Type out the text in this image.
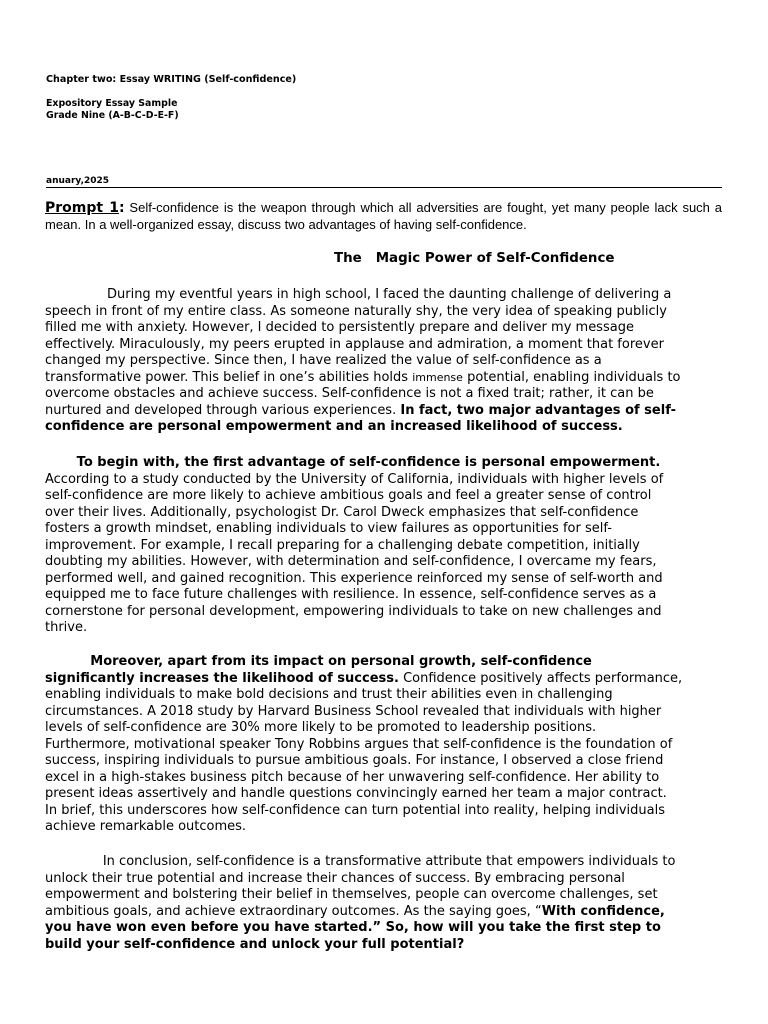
Chapter two: Essay WRITING (Self-confidence)
Expository Essay Sample
Grade Nine (A-B-C-D-E-F)
anuary,2025
Prompt 1: Self-confidence is the weapon through which all adversities are fought, yet many people lack such a mean. In a well-organized essay, discuss two advantages of having self-confidence.
The   Magic Power of Self-Confidence
During my eventful years in high school, I faced the daunting challenge of delivering a
speech in front of my entire class. As someone naturally shy, the very idea of speaking publicly
filled me with anxiety. However, I decided to persistently prepare and deliver my message
effectively. Miraculously, my peers erupted in applause and admiration, a moment that forever
changed my perspective. Since then, I have realized the value of self-confidence as a
transformative power. This belief in one’s abilities holds immense potential, enabling individuals to
overcome obstacles and achieve success. Self-confidence is not a fixed trait; rather, it can be
nurtured and developed through various experiences. In fact, two major advantages of self-
confidence are personal empowerment and an increased likelihood of success.
To begin with, the first advantage of self-confidence is personal empowerment.
According to a study conducted by the University of California, individuals with higher levels of
self-confidence are more likely to achieve ambitious goals and feel a greater sense of control
over their lives. Additionally, psychologist Dr. Carol Dweck emphasizes that self-confidence
fosters a growth mindset, enabling individuals to view failures as opportunities for self-
improvement. For example, I recall preparing for a challenging debate competition, initially
doubting my abilities. However, with determination and self-confidence, I overcame my fears,
performed well, and gained recognition. This experience reinforced my sense of self-worth and
equipped me to face future challenges with resilience. In essence, self-confidence serves as a
cornerstone for personal development, empowering individuals to take on new challenges and
thrive.
Moreover, apart from its impact on personal growth, self-confidence
significantly increases the likelihood of success. Confidence positively affects performance,
enabling individuals to make bold decisions and trust their abilities even in challenging
circumstances. A 2018 study by Harvard Business School revealed that individuals with higher
levels of self-confidence are 30% more likely to be promoted to leadership positions.
Furthermore, motivational speaker Tony Robbins argues that self-confidence is the foundation of
success, inspiring individuals to pursue ambitious goals. For instance, I observed a close friend
excel in a high-stakes business pitch because of her unwavering self-confidence. Her ability to
present ideas assertively and handle questions convincingly earned her team a major contract.
In brief, this underscores how self-confidence can turn potential into reality, helping individuals
achieve remarkable outcomes.
In conclusion, self-confidence is a transformative attribute that empowers individuals to
unlock their true potential and increase their chances of success. By embracing personal
empowerment and bolstering their belief in themselves, people can overcome challenges, set
ambitious goals, and achieve extraordinary outcomes. As the saying goes, “With confidence,
you have won even before you have started.” So, how will you take the first step to
build your self-confidence and unlock your full potential?
